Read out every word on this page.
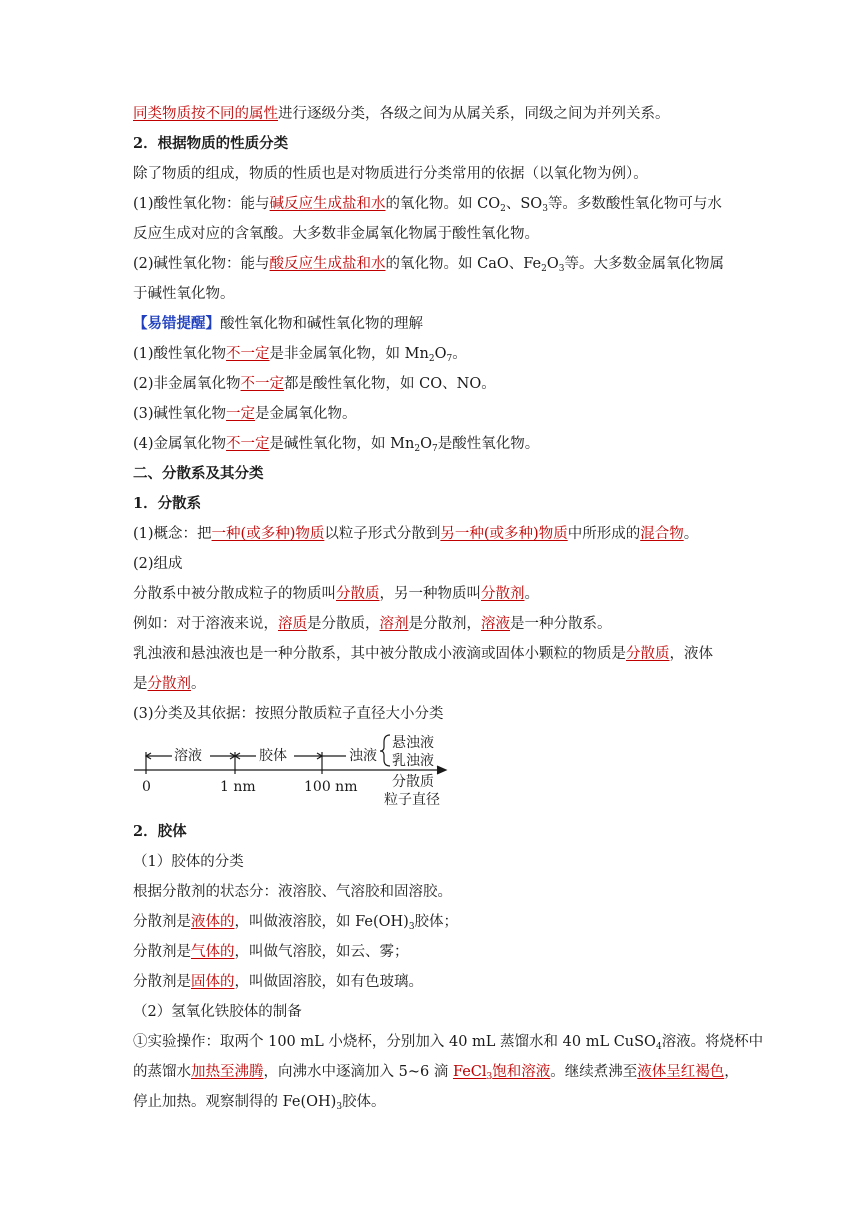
同类物质按不同的属性进行逐级分类，各级之间为从属关系，同级之间为并列关系。
2．根据物质的性质分类
除了物质的组成，物质的性质也是对物质进行分类常用的依据（以氧化物为例）。
(1)酸性氧化物：能与碱反应生成盐和水的氧化物。如 $CO_2$、$SO_3$等。多数酸性氧化物可与水
反应生成对应的含氧酸。大多数非金属氧化物属于酸性氧化物。
(2)碱性氧化物：能与酸反应生成盐和水的氧化物。如 CaO、$Fe_2O_3$等。大多数金属氧化物属
于碱性氧化物。
【易错提醒】酸性氧化物和碱性氧化物的理解
(1)酸性氧化物不一定是非金属氧化物，如 $Mn_2O_7$。
(2)非金属氧化物不一定都是酸性氧化物，如 CO、NO。
(3)碱性氧化物一定是金属氧化物。
(4)金属氧化物不一定是碱性氧化物，如 $Mn_2O_7$是酸性氧化物。
二、分散系及其分类
1．分散系
(1)概念：把一种(或多种)物质以粒子形式分散到另一种(或多种)物质中所形成的混合物。
(2)组成
分散系中被分散成粒子的物质叫分散质，另一种物质叫分散剂。
例如：对于溶液来说，溶质是分散质，溶剂是分散剂，溶液是一种分散系。
乳浊液和悬浊液也是一种分散系，其中被分散成小液滴或固体小颗粒的物质是分散质，液体
是分散剂。
(3)分类及其依据：按照分散质粒子直径大小分类
溶液	胶体	浊液
悬浊液
乳浊液
0	1 nm	100 nm 分散质
粒子直径
2．胶体
（1）胶体的分类
根据分散剂的状态分：液溶胶、气溶胶和固溶胶。
分散剂是液体的，叫做液溶胶，如 $Fe(OH)_3$胶体；
分散剂是气体的，叫做气溶胶，如云、雾；
分散剂是固体的，叫做固溶胶，如有色玻璃。
（2）氢氧化铁胶体的制备
①实验操作：取两个 100 mL 小烧杯，分别加入 40 mL 蒸馏水和 40 mL CuSO$_4$溶液。将烧杯中
的蒸馏水加热至沸腾，向沸水中逐滴加入 5~6 滴 FeCl$_3$饱和溶液。继续煮沸至液体呈红褐色，
停止加热。观察制得的 $Fe(OH)_3$胶体。
